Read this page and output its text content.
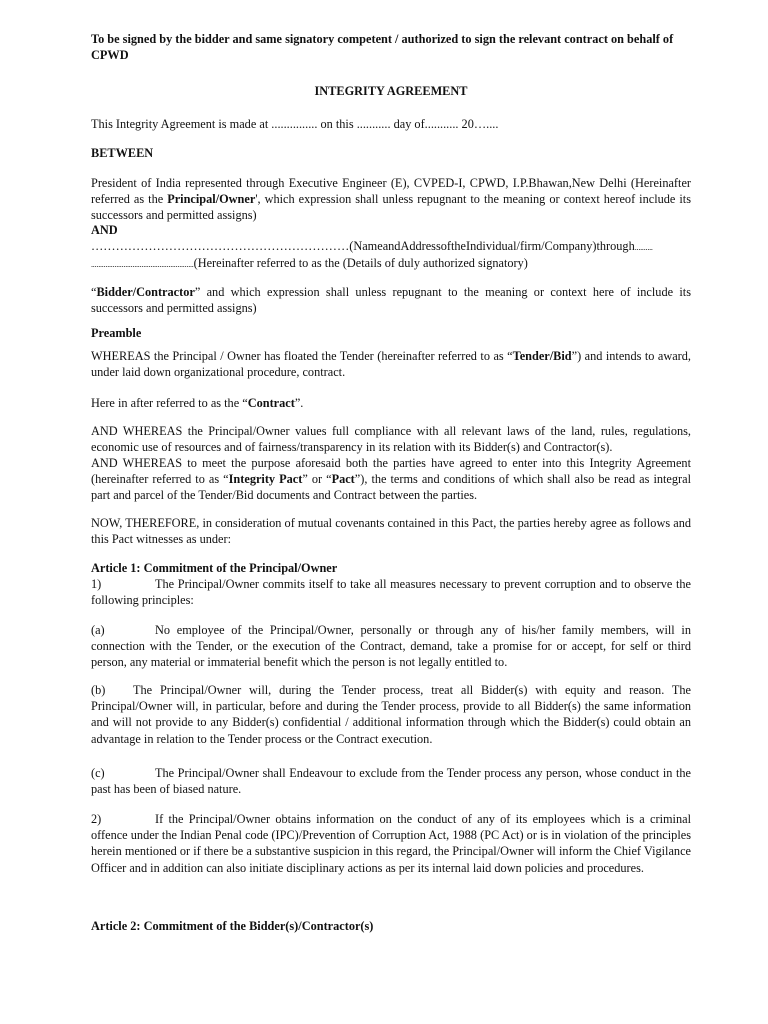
To be signed by the bidder and same signatory competent / authorized to sign the relevant contract on behalf of CPWD

INTEGRITY AGREEMENT

This Integrity Agreement is made at ............... on this ........... day of........... 20…....

BETWEEN

President of India represented through Executive Engineer (E), CVPED-I, CPWD, I.P.Bhawan,New Delhi (Hereinafter referred as the Principal/Owner', which expression shall unless repugnant to the meaning or context hereof include its successors and permitted assigns)

AND

………………………………………………………(NameandAddressoftheIndividual/firm/Company)through..........

.........................................................(Hereinafter referred to as the (Details of duly authorized signatory)

“Bidder/Contractor” and which expression shall unless repugnant to the meaning or context here of include its successors and permitted assigns)

Preamble

WHEREAS the Principal / Owner has floated the Tender (hereinafter referred to as “Tender/Bid”) and intends to award, under laid down organizational procedure, contract.

Here in after referred to as the “Contract”.

AND WHEREAS the Principal/Owner values full compliance with all relevant laws of the land, rules, regulations, economic use of resources and of fairness/transparency in its relation with its Bidder(s) and Contractor(s).

AND WHEREAS to meet the purpose aforesaid both the parties have agreed to enter into this Integrity Agreement (hereinafter referred to as “Integrity Pact” or “Pact”), the terms and conditions of which shall also be read as integral part and parcel of the Tender/Bid documents and Contract between the parties.

NOW, THEREFORE, in consideration of mutual covenants contained in this Pact, the parties hereby agree as follows and this Pact witnesses as under:

Article 1: Commitment of the Principal/Owner

1)	The Principal/Owner commits itself to take all measures necessary to prevent corruption and to observe the following principles:

(a)	No employee of the Principal/Owner, personally or through any of his/her family members, will in connection with the Tender, or the execution of the Contract, demand, take a promise for or accept, for self or third person, any material or immaterial benefit which the person is not legally entitled to.

(b) The Principal/Owner will, during the Tender process, treat all Bidder(s) with equity and reason. The Principal/Owner will, in particular, before and during the Tender process, provide to all Bidder(s) the same information and will not provide to any Bidder(s) confidential / additional information through which the Bidder(s) could obtain an advantage in relation to the Tender process or the Contract execution.

(c)	The Principal/Owner shall Endeavour to exclude from the Tender process any person, whose conduct in the past has been of biased nature.

2)	If the Principal/Owner obtains information on the conduct of any of its employees which is a criminal offence under the Indian Penal code (IPC)/Prevention of Corruption Act, 1988 (PC Act) or is in violation of the principles herein mentioned or if there be a substantive suspicion in this regard, the Principal/Owner will inform the Chief Vigilance Officer and in addition can also initiate disciplinary actions as per its internal laid down policies and procedures.

Article 2: Commitment of the Bidder(s)/Contractor(s)
